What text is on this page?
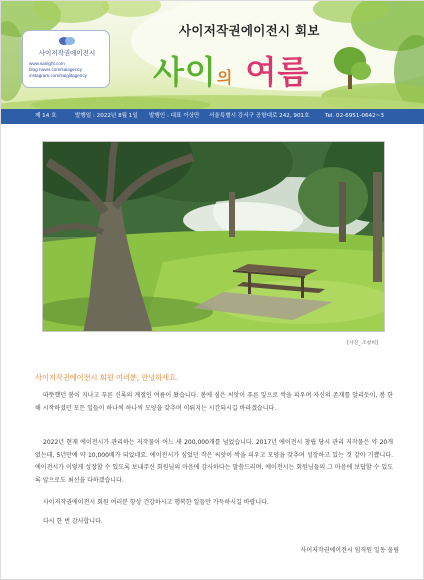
사이저작권에이전시
www.sairight.com
blog.naver.com/saiagency
instagram.com/saiglitagency
사이저작권에이전시 회보
사이의 여름
제 14 호	발행일 : 2022년 8월 1일 발행인 : 대표 이상만 서울특별시 강서구 공항대로 242, 901호	Tel. 02-6951-0642~3
[사진_ 조창희]
사이저작권에이전시 회원 여러분, 안녕하세요.

따뜻했던 봄이 지나고 푸른 신록의 계절인 여름이 왔습니다. 봄에 심은 씨앗이 푸른 잎으로 싹을 피우며 자신의 존재를 알리듯이, 봄 한 해 시작하셨던 모든 일들이 하나씩 하나씩 모양을 갖추며 이뤄지는 시간되시길 바라겠습니다.

2022년 현재 에이전시가 관리하는 저작물이 어느 새 200,000개를 넘었습니다. 2017년 에이전시 창립 당시 관리 저작물은 약 20개였는데, 5년만에 약 10,000배가 되었네요. 에이전시가 심었던 작은 씨앗이 싹을 피우고 모양을 갖추며 성장하고 있는 것 같아 기쁩니다. 에이전시가 이렇게 성장할 수 있도록 보내주신 회원님의 마음에 감사하다는 말씀드리며, 에이전시는 회원님들의 그 마음에 보답할 수 있도록 앞으로도 최선을 다하겠습니다.

사이저작권에이전시 회원 여러분 항상 건강하시고 행복한 일들만 가득하시길 바랍니다.

다시 한 번 감사합니다.

사이저작권에이전시 임직원 일동 올림
